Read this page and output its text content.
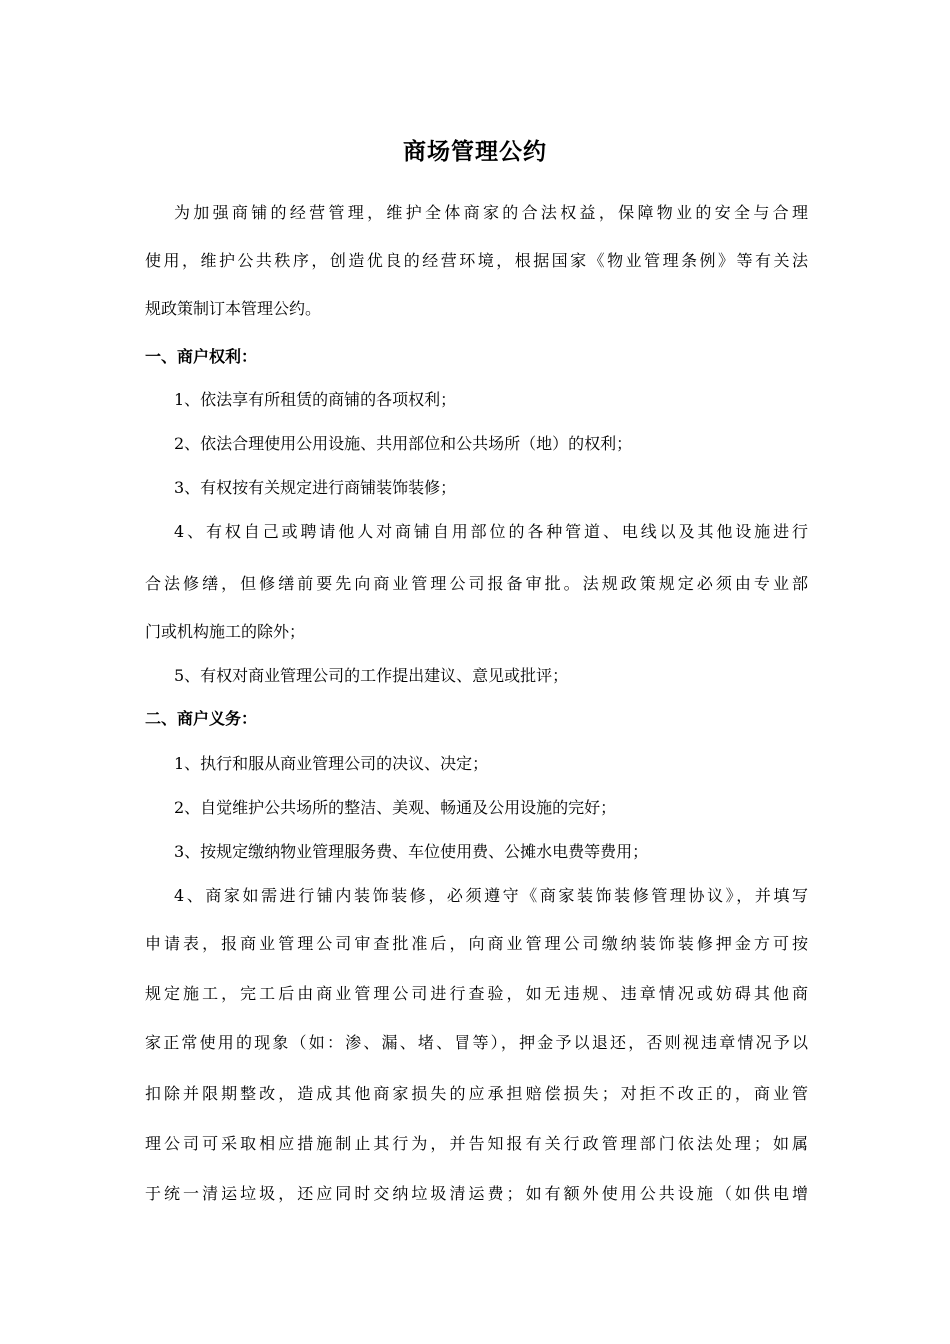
商场管理公约
为加强商铺的经营管理，维护全体商家的合法权益，保障物业的安全与合理
使用，维护公共秩序，创造优良的经营环境，根据国家《物业管理条例》等有关法
规政策制订本管理公约。
一、商户权利：
1、依法享有所租赁的商铺的各项权利；
2、依法合理使用公用设施、共用部位和公共场所（地）的权利；
3、有权按有关规定进行商铺装饰装修；
4、有权自己或聘请他人对商铺自用部位的各种管道、电线以及其他设施进行
合法修缮，但修缮前要先向商业管理公司报备审批。法规政策规定必须由专业部
门或机构施工的除外；
5、有权对商业管理公司的工作提出建议、意见或批评；
二、商户义务：
1、执行和服从商业管理公司的决议、决定；
2、自觉维护公共场所的整洁、美观、畅通及公用设施的完好；
3、按规定缴纳物业管理服务费、车位使用费、公摊水电费等费用；
4、商家如需进行铺内装饰装修，必须遵守《商家装饰装修管理协议》，并填写
申请表，报商业管理公司审查批准后，向商业管理公司缴纳装饰装修押金方可按
规定施工，完工后由商业管理公司进行查验，如无违规、违章情况或妨碍其他商
家正常使用的现象（如：渗、漏、堵、冒等），押金予以退还，否则视违章情况予以
扣除并限期整改，造成其他商家损失的应承担赔偿损失；对拒不改正的，商业管
理公司可采取相应措施制止其行为，并告知报有关行政管理部门依法处理；如属
于统一清运垃圾，还应同时交纳垃圾清运费；如有额外使用公共设施（如供电增
